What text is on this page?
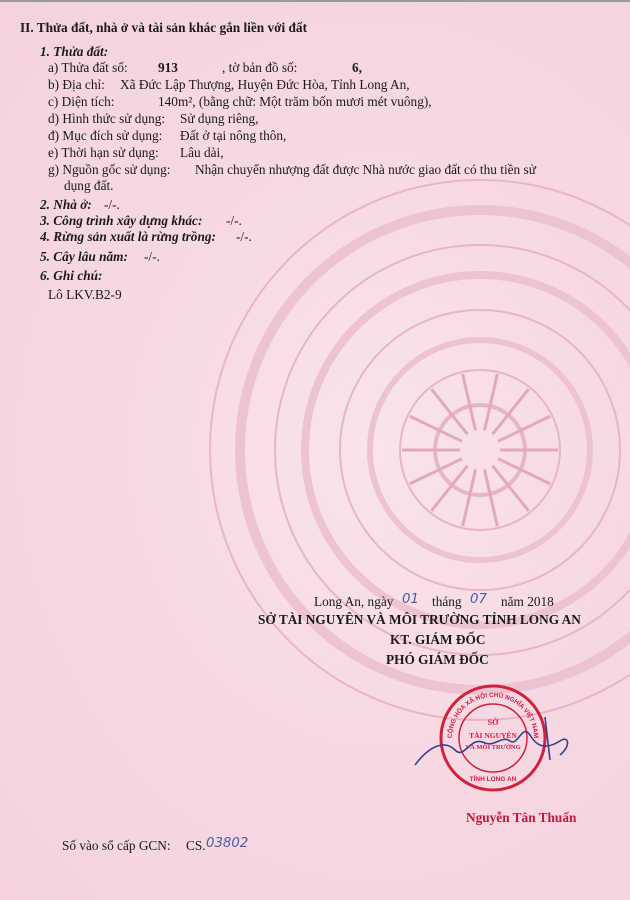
II. Thửa đất, nhà ở và tài sản khác gắn liền với đất
1. Thửa đất:
a) Thửa đất số: 913	, tờ bản đồ số:	6,
b) Địa chỉ: Xã Đức Lập Thượng, Huyện Đức Hòa, Tỉnh Long An,
c) Diện tích:	140m², (bằng chữ: Một trăm bốn mươi mét vuông),
d) Hình thức sử dụng: Sử dụng riêng,
đ) Mục đích sử dụng: Đất ở tại nông thôn,
e) Thời hạn sử dụng: Lâu dài,
g) Nguồn gốc sử dụng: Nhận chuyển nhượng đất được Nhà nước giao đất có thu tiền sử
dụng đất.
2. Nhà ở: -/-.
3. Công trình xây dựng khác: -/-.
4. Rừng sản xuất là rừng trồng: -/-.
5. Cây lâu năm: -/-.
6. Ghi chú:
Lô LKV.B2-9
Long An, ngày 01 tháng 07 năm 2018
SỞ TÀI NGUYÊN VÀ MÔI TRƯỜNG TỈNH LONG AN
KT. GIÁM ĐỐC
PHÓ GIÁM ĐỐC
CỘNG HÒA XÃ HỘI CHỦ NGHĨA VIỆT NAM
SỞ
TÀI NGUYÊN
VÀ MÔI TRƯỜNG
TỈNH LONG AN
Nguyễn Tân Thuấn
Số vào sổ cấp GCN: CS. 03802
